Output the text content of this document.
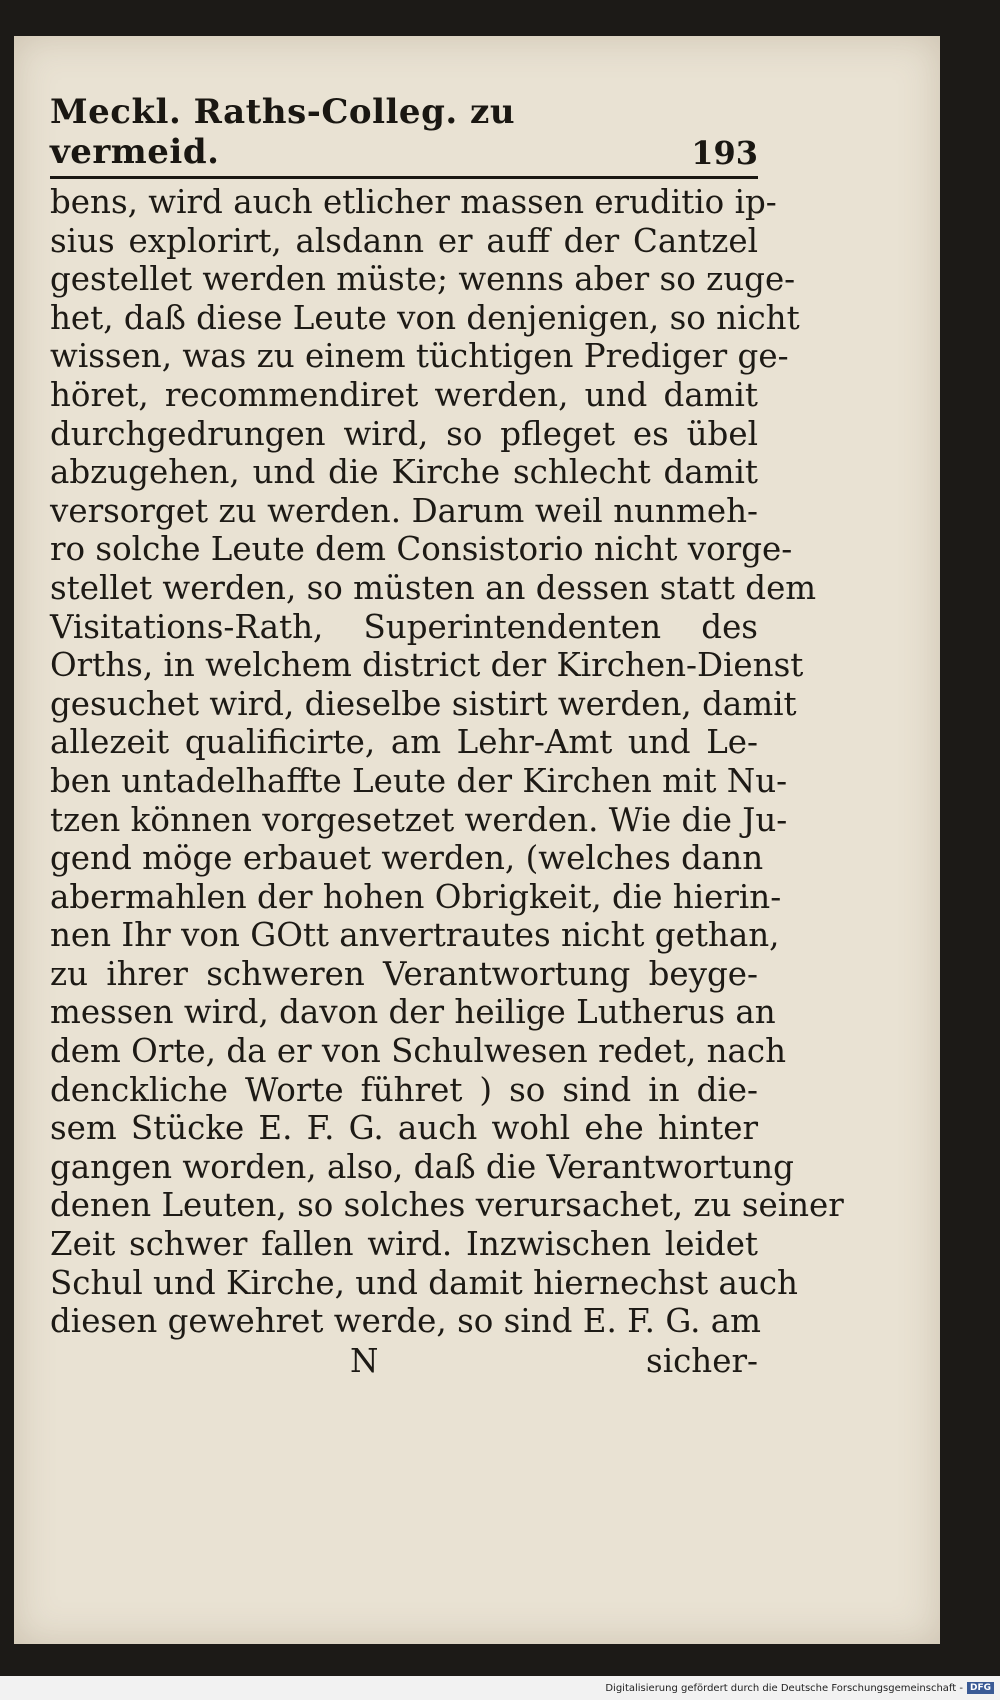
Meckl. Raths-Colleg. zu vermeid.	193
bens, wird auch etlicher massen eruditio ip-
sius explorirt, alsdann er auff der Cantzel
gestellet werden müste; wenns aber so zuge-
het, daß diese Leute von denjenigen, so nicht
wissen, was zu einem tüchtigen Prediger ge-
höret, recommendiret werden, und damit
durchgedrungen wird, so pfleget es übel
abzugehen, und die Kirche schlecht damit
versorget zu werden. Darum weil nunmeh-
ro solche Leute dem Consistorio nicht vorge-
stellet werden, so müsten an dessen statt dem
Visitations-Rath, Superintendenten des
Orths, in welchem district der Kirchen-Dienst
gesuchet wird, dieselbe sistirt werden, damit
allezeit qualificirte, am Lehr-Amt und Le-
ben untadelhaffte Leute der Kirchen mit Nu-
tzen können vorgesetzet werden. Wie die Ju-
gend möge erbauet werden, (welches dann
abermahlen der hohen Obrigkeit, die hierin-
nen Ihr von GOtt anvertrautes nicht gethan,
zu ihrer schweren Verantwortung beyge-
messen wird, davon der heilige Lutherus an
dem Orte, da er von Schulwesen redet, nach
denckliche Worte führet ) so sind in die-
sem Stücke E. F. G. auch wohl ehe hinter
gangen worden, also, daß die Verantwortung
denen Leuten, so solches verursachet, zu seiner
Zeit schwer fallen wird. Inzwischen leidet
Schul und Kirche, und damit hiernechst auch
diesen gewehret werde, so sind E. F. G. am
N	sicher-
Digitalisierung gefördert durch die Deutsche Forschungsgemeinschaft - DFG
